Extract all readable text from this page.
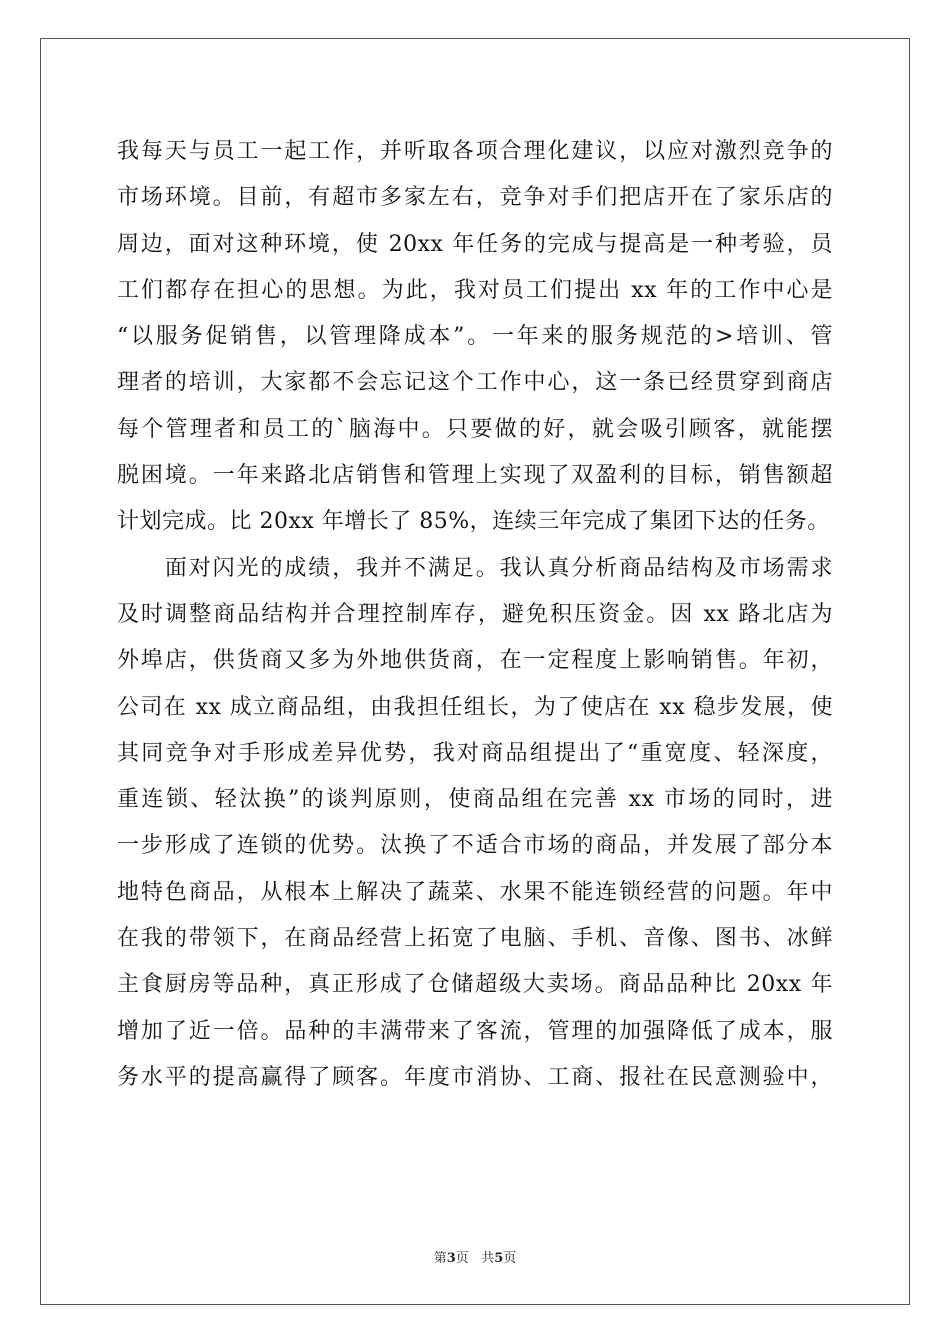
我每天与员工一起工作，并听取各项合理化建议，以应对激烈竞争的
市场环境。目前，有超市多家左右，竞争对手们把店开在了家乐店的
周边，面对这种环境，使 20xx 年任务的完成与提高是一种考验，员
工们都存在担心的思想。为此，我对员工们提出 xx 年的工作中心是
“以服务促销售，以管理降成本”。一年来的服务规范的>培训、管
理者的培训，大家都不会忘记这个工作中心，这一条已经贯穿到商店
每个管理者和员工的`脑海中。只要做的好，就会吸引顾客，就能摆
脱困境。一年来路北店销售和管理上实现了双盈利的目标，销售额超
计划完成。比 20xx 年增长了 85%，连续三年完成了集团下达的任务。
　　面对闪光的成绩，我并不满足。我认真分析商品结构及市场需求
及时调整商品结构并合理控制库存，避免积压资金。因 xx 路北店为
外埠店，供货商又多为外地供货商，在一定程度上影响销售。年初，
公司在 xx 成立商品组，由我担任组长，为了使店在 xx 稳步发展，使
其同竞争对手形成差异优势，我对商品组提出了“重宽度、轻深度，
重连锁、轻汰换”的谈判原则，使商品组在完善 xx 市场的同时，进
一步形成了连锁的优势。汰换了不适合市场的商品，并发展了部分本
地特色商品，从根本上解决了蔬菜、水果不能连锁经营的问题。年中
在我的带领下，在商品经营上拓宽了电脑、手机、音像、图书、冰鲜
主食厨房等品种，真正形成了仓储超级大卖场。商品品种比 20xx 年
增加了近一倍。品种的丰满带来了客流，管理的加强降低了成本，服
务水平的提高赢得了顾客。年度市消协、工商、报社在民意测验中，
第3页 共5页
